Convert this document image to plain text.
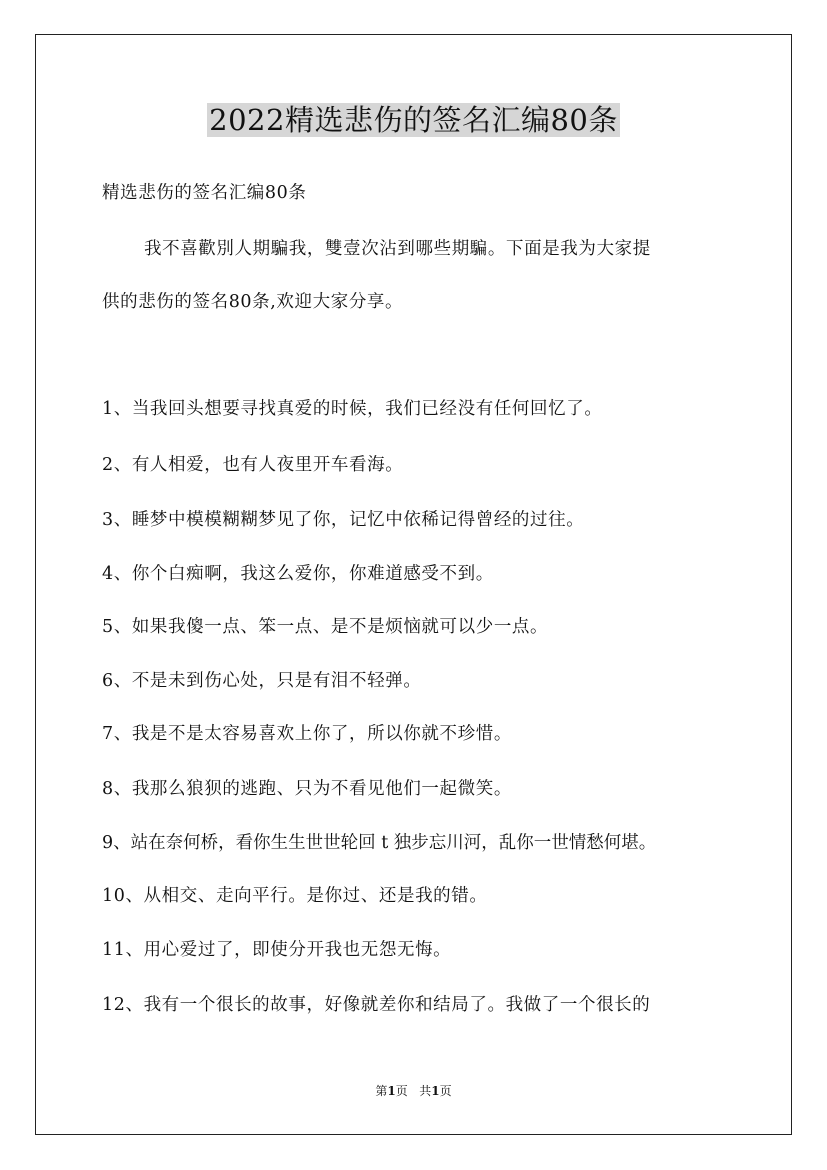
2022精选悲伤的签名汇编80条
精选悲伤的签名汇编80条
我不喜歡別人期騙我，雙壹次沾到哪些期騙。下面是我为大家提
供的悲伤的签名80条,欢迎大家分享。
1、当我回头想要寻找真爱的时候，我们已经没有任何回忆了。
2、有人相爱，也有人夜里开车看海。
3、睡梦中模模糊糊梦见了你，记忆中依稀记得曾经的过往。
4、你个白痴啊，我这么爱你，你难道感受不到。
5、如果我傻一点、笨一点、是不是烦恼就可以少一点。
6、不是未到伤心处，只是有泪不轻弹。
7、我是不是太容易喜欢上你了，所以你就不珍惜。
8、我那么狼狈的逃跑、只为不看见他们一起微笑。
9、站在奈何桥，看你生生世世轮回 t 独步忘川河，乱你一世情愁何堪。
10、从相交、走向平行。是你过、还是我的错。
11、用心爱过了，即使分开我也无怨无悔。
12、我有一个很长的故事，好像就差你和结局了。我做了一个很长的
第1页 共1页
